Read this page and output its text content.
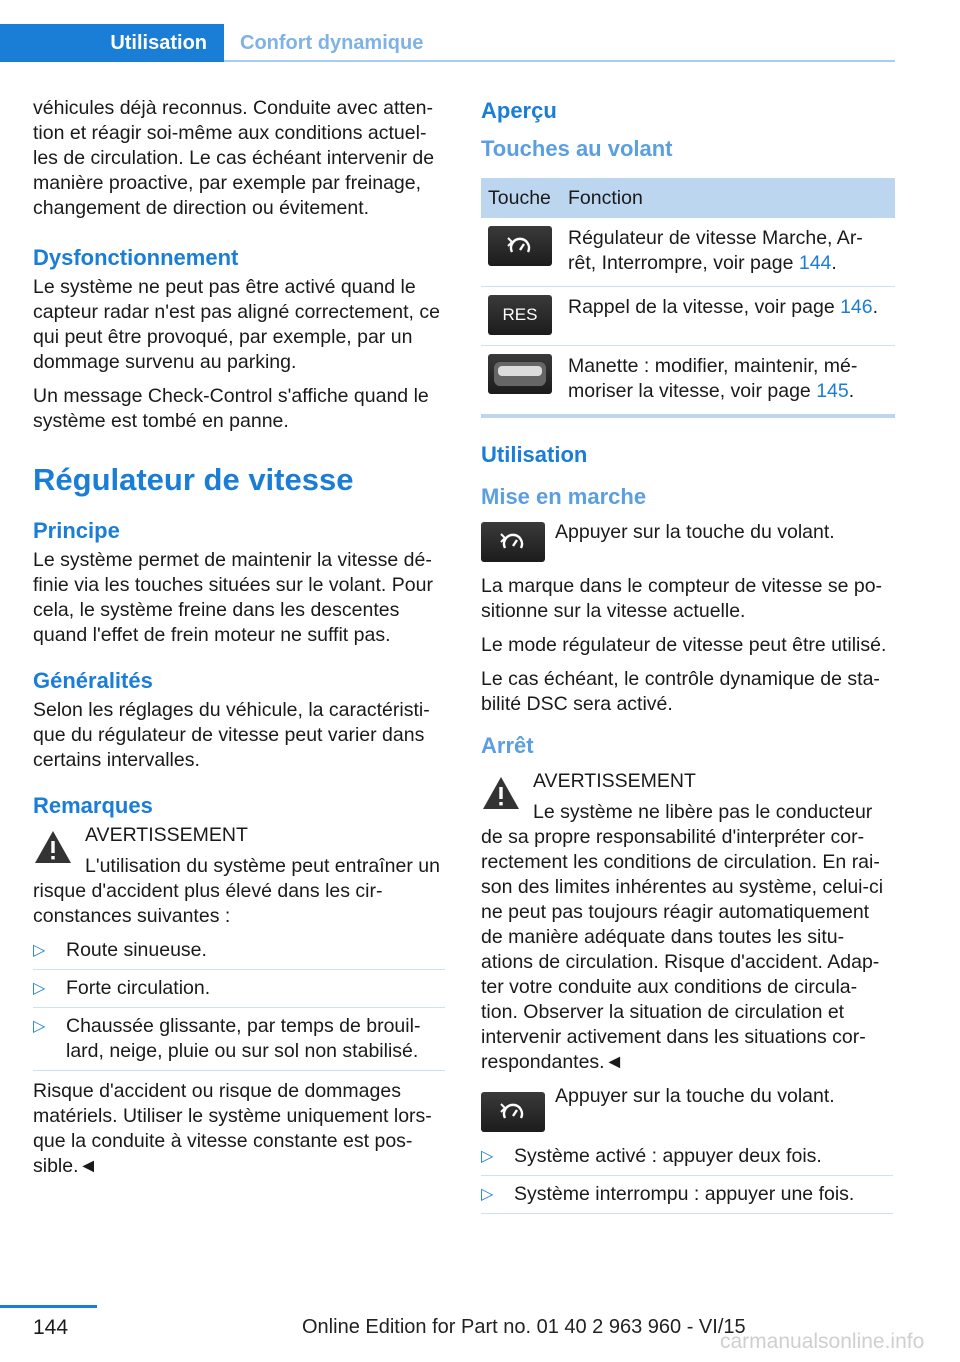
Utilisation	Confort dynamique

véhicules déjà reconnus. Conduite avec atten-tion et réagir soi-même aux conditions actuel-les de circulation. Le cas échéant intervenir de manière proactive, par exemple par freinage, changement de direction ou évitement.

Dysfonctionnement

Le système ne peut pas être activé quand le capteur radar n'est pas aligné correctement, ce qui peut être provoqué, par exemple, par un dommage survenu au parking.

Un message Check-Control s'affiche quand le système est tombé en panne.

Régulateur de vitesse
Principe

Le système permet de maintenir la vitesse dé-finie via les touches situées sur le volant. Pour cela, le système freine dans les descentes quand l'effet de frein moteur ne suffit pas.

Généralités

Selon les réglages du véhicule, la caractéristi-que du régulateur de vitesse peut varier dans certains intervalles.

Remarques

AVERTISSEMENT

L'utilisation du système peut entraîner un risque d'accident plus élevé dans les cir-constances suivantes :

▷ Route sinueuse.
▷ Forte circulation.
▷ Chaussée glissante, par temps de brouil-lard, neige, pluie ou sur sol non stabilisé.

Risque d'accident ou risque de dommages matériels. Utiliser le système uniquement lors-que la conduite à vitesse constante est pos-sible.◄

Aperçu
Touches au volant
Touche	Fonction

	Régulateur de vitesse Marche, Ar-rêt, Interrompre, voir page 144.

RES	Rappel de la vitesse, voir page 146.

	Manette : modifier, maintenir, mé-moriser la vitesse, voir page 145.
Utilisation
Mise en marche

Appuyer sur la touche du volant.

La marque dans le compteur de vitesse se po-sitionne sur la vitesse actuelle.

Le mode régulateur de vitesse peut être utilisé.

Le cas échéant, le contrôle dynamique de sta-bilité DSC sera activé.

Arrêt

AVERTISSEMENT

Le système ne libère pas le conducteur de sa propre responsabilité d'interpréter cor-rectement les conditions de circulation. En rai-son des limites inhérentes au système, celui-ci ne peut pas toujours réagir automatiquement de manière adéquate dans toutes les situ-ations de circulation. Risque d'accident. Adap-ter votre conduite aux conditions de circula-tion. Observer la situation de circulation et intervenir activement dans les situations cor-respondantes.◄

Appuyer sur la touche du volant.

▷ Système activé : appuyer deux fois.
▷ Système interrompu : appuyer une fois.
144	Online Edition for Part no. 01 40 2 963 960 - VI/15
carmanualsonline.info
